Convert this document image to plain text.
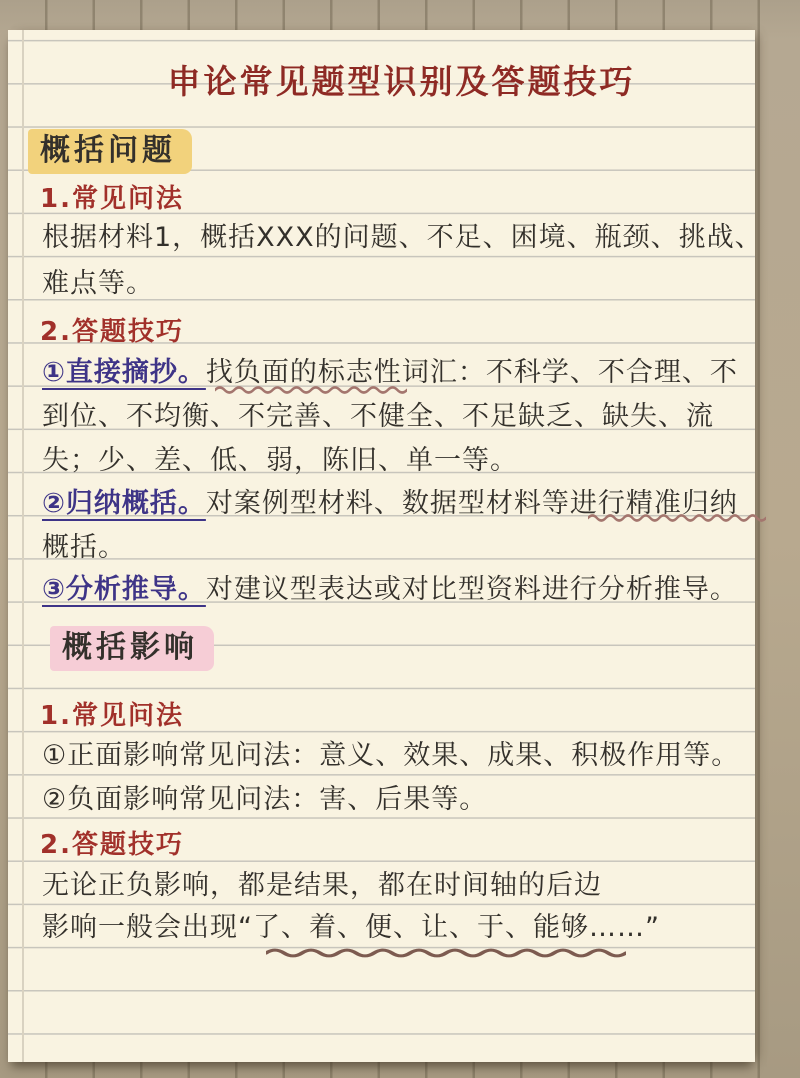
申论常见题型识别及答题技巧
概括问题
1.常见问法
根据材料1，概括XXX的问题、不足、困境、瓶颈、挑战、
难点等。
2.答题技巧
①直接摘抄。找负面的标志性词汇：不科学、不合理、不
到位、不均衡、不完善、不健全、不足缺乏、缺失、流
失；少、差、低、弱，陈旧、单一等。
②归纳概括。对案例型材料、数据型材料等进行精准归纳
概括。
③分析推导。对建议型表达或对比型资料进行分析推导。
概括影响
1.常见问法
①正面影响常见问法：意义、效果、成果、积极作用等。
②负面影响常见问法：害、后果等。
2.答题技巧
无论正负影响，都是结果，都在时间轴的后边
影响一般会出现“了、着、便、让、于、能够……”
